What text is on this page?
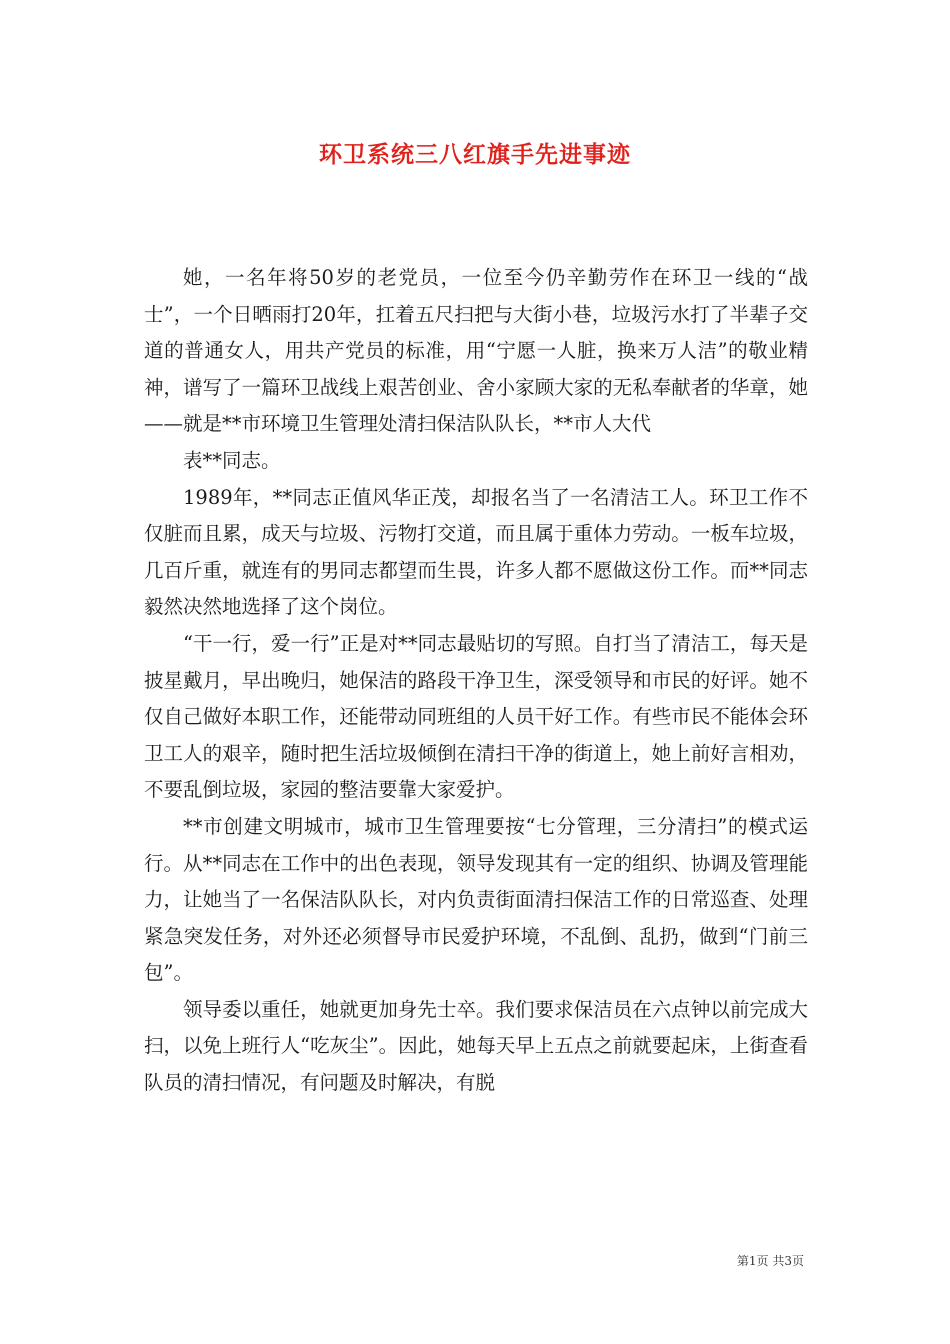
环卫系统三八红旗手先进事迹

她，一名年将50岁的老党员，一位至今仍辛勤劳作在环卫一线的“战士”，一个日晒雨打20年，扛着五尺扫把与大街小巷，垃圾污水打了半辈子交道的普通女人，用共产党员的标准，用“宁愿一人脏，换来万人洁”的敬业精神，谱写了一篇环卫战线上艰苦创业、舍小家顾大家的无私奉献者的华章，她——就是**市环境卫生管理处清扫保洁队队长，**市人大代

表**同志。

1989年，**同志正值风华正茂，却报名当了一名清洁工人。环卫工作不仅脏而且累，成天与垃圾、污物打交道，而且属于重体力劳动。一板车垃圾，几百斤重，就连有的男同志都望而生畏，许多人都不愿做这份工作。而**同志毅然决然地选择了这个岗位。

“干一行，爱一行”正是对**同志最贴切的写照。自打当了清洁工，每天是披星戴月，早出晚归，她保洁的路段干净卫生，深受领导和市民的好评。她不仅自己做好本职工作，还能带动同班组的人员干好工作。有些市民不能体会环卫工人的艰辛，随时把生活垃圾倾倒在清扫干净的街道上，她上前好言相劝，不要乱倒垃圾，家园的整洁要靠大家爱护。

**市创建文明城市，城市卫生管理要按“七分管理，三分清扫”的模式运行。从**同志在工作中的出色表现，领导发现其有一定的组织、协调及管理能力，让她当了一名保洁队队长，对内负责街面清扫保洁工作的日常巡查、处理紧急突发任务，对外还必须督导市民爱护环境，不乱倒、乱扔，做到“门前三包”。

领导委以重任，她就更加身先士卒。我们要求保洁员在六点钟以前完成大扫，以免上班行人“吃灰尘”。因此，她每天早上五点之前就要起床，上街查看队员的清扫情况，有问题及时解决，有脱

第1页 共3页
